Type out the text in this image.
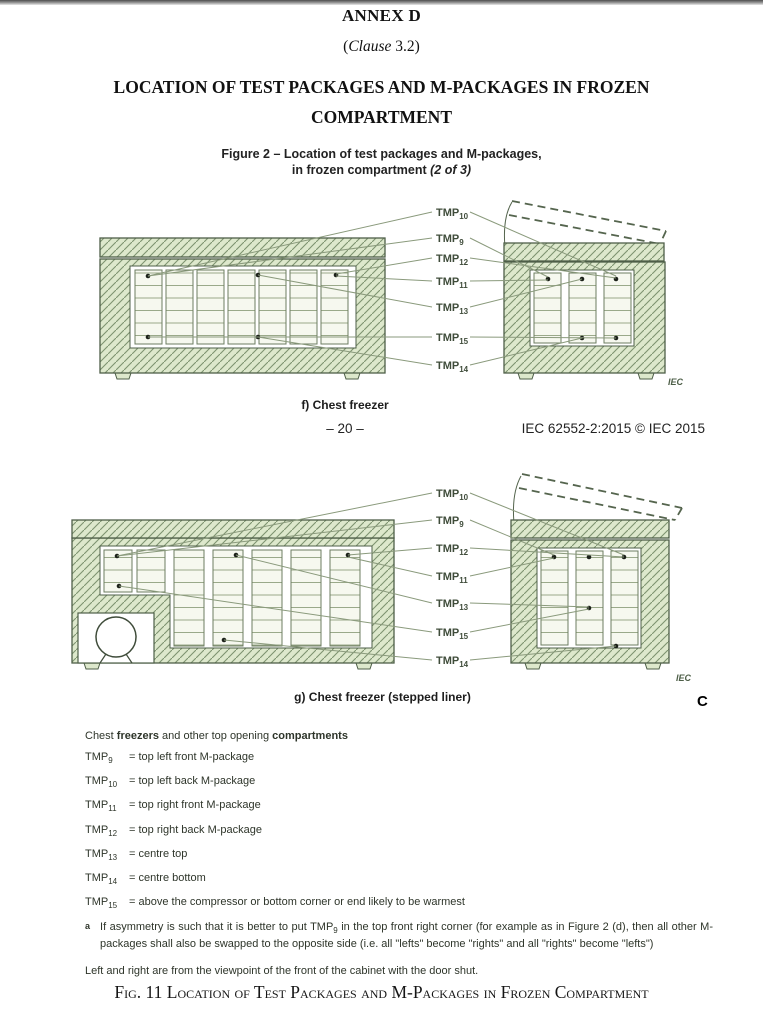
ANNEX D
(Clause 3.2)
LOCATION OF TEST PACKAGES AND M-PACKAGES IN FROZEN
COMPARTMENT
Figure 2 – Location of test packages and M-packages,
in frozen compartment (2 of 3)
IEC
$TMP_{10}$
$TMP_9$
$TMP_{12}$
$TMP_{11}$
$TMP_{13}$
$TMP_{15}$
$TMP_{14}$
f) Chest freezer
– 20 –	IEC 62552-2:2015 © IEC 2015
IEC
$TMP_{10}$
$TMP_9$
$TMP_{12}$
$TMP_{11}$
$TMP_{13}$
$TMP_{15}$
$TMP_{14}$
g) Chest freezer (stepped liner)	C
Chest freezers and other top opening compartments
$TMP_9$ = top left front M-package
$TMP_{10}$ = top left back M-package
$TMP_{11}$ = top right front M-package
$TMP_{12}$ = top right back M-package
$TMP_{13}$ = centre top
$TMP_{14}$ = centre bottom
$TMP_{15}$ = above the compressor or bottom corner or end likely to be warmest
a If asymmetry is such that it is better to put $TMP_9$ in the top front right corner (for example as in Figure 2 (d), then all other M-packages shall also be swapped to the opposite side (i.e. all "lefts" become "rights" and all "rights" become "lefts")
Left and right are from the viewpoint of the front of the cabinet with the door shut.
Fig. 11 Location of Test Packages and M-Packages in Frozen Compartment
